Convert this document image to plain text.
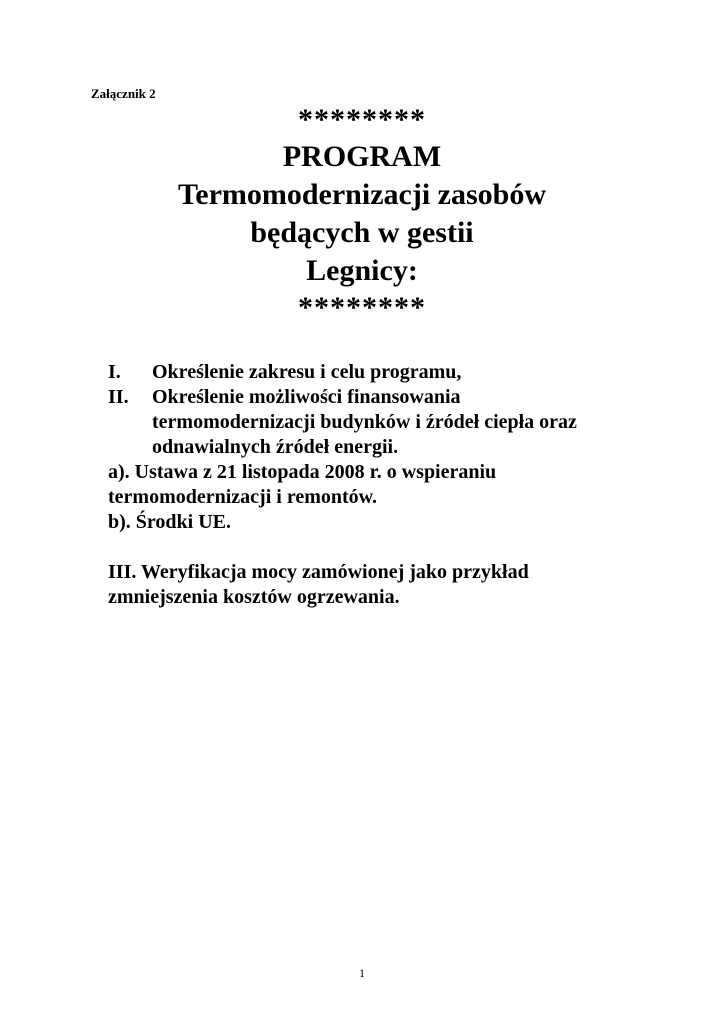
Załącznik 2
********
PROGRAM
Termomodernizacji zasobów
będących w gestii
Legnicy:
********
I.	Określenie zakresu i celu programu,
II.	Określenie możliwości finansowania
termomodernizacji budynków i źródeł ciepła oraz
odnawialnych źródeł energii.
a). Ustawa z 21 listopada 2008 r. o wspieraniu
termomodernizacji i remontów.
b). Środki UE.
III. Weryfikacja mocy zamówionej jako przykład
zmniejszenia kosztów ogrzewania.
1
